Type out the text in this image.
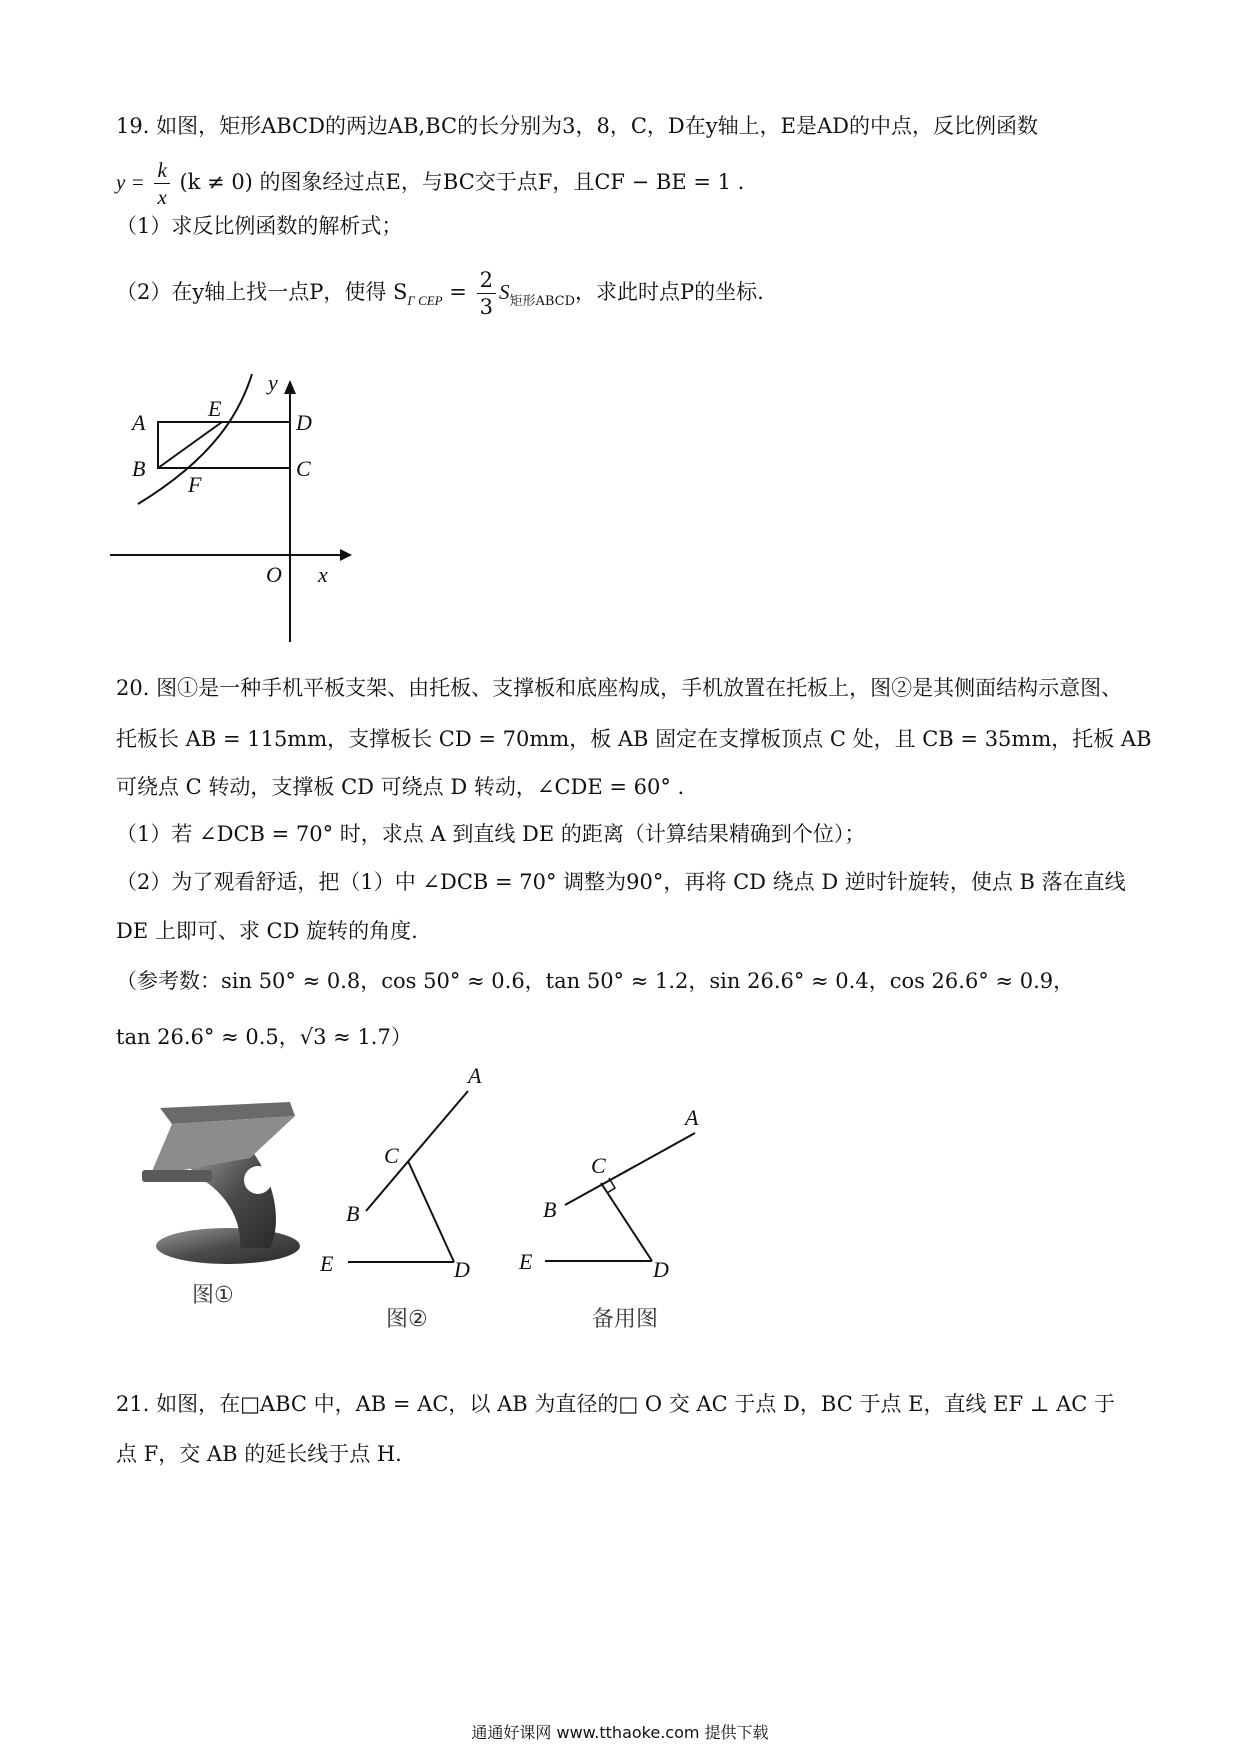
19. 如图，矩形ABCD的两边AB,BC的长分别为3，8，C，D在y轴上，E是AD的中点，反比例函数
$y = \frac{k}{x} (k \ne 0)$ 的图象经过点E，与BC交于点F，且CF − BE = 1 .
（1）求反比例函数的解析式；
（2）在y轴上找一点P，使得 $S_{\Gamma CEP} = \frac{2}{3} S_{矩形ABCD}$，求此时点P的坐标.
y
x
O
A
B	C
D
E
F
20. 图①是一种手机平板支架、由托板、支撑板和底座构成，手机放置在托板上，图②是其侧面结构示意图、
托板长 AB = 115mm，支撑板长 CD = 70mm，板 AB 固定在支撑板顶点 C 处，且 CB = 35mm，托板 AB
可绕点 C 转动，支撑板 CD 可绕点 D 转动，∠CDE = 60° .
（1）若 ∠DCB = 70° 时，求点 A 到直线 DE 的距离（计算结果精确到个位）；
（2）为了观看舒适，把（1）中 ∠DCB = 70° 调整为90°，再将 CD 绕点 D 逆时针旋转，使点 B 落在直线
DE 上即可、求 CD 旋转的角度.
（参考数：sin 50° ≈ 0.8，cos 50° ≈ 0.6，tan 50° ≈ 1.2，sin 26.6° ≈ 0.4，cos 26.6° ≈ 0.9，
tan 26.6° ≈ 0.5，√3 ≈ 1.7）
A
B
C
D
E
A
B
C
D
E
图①
图②	备用图
21. 如图，在□ABC 中，AB = AC，以 AB 为直径的□ O 交 AC 于点 D，BC 于点 E，直线 EF ⊥ AC 于
点 F，交 AB 的延长线于点 H.
通通好课网 www.tthaoke.com 提供下载
